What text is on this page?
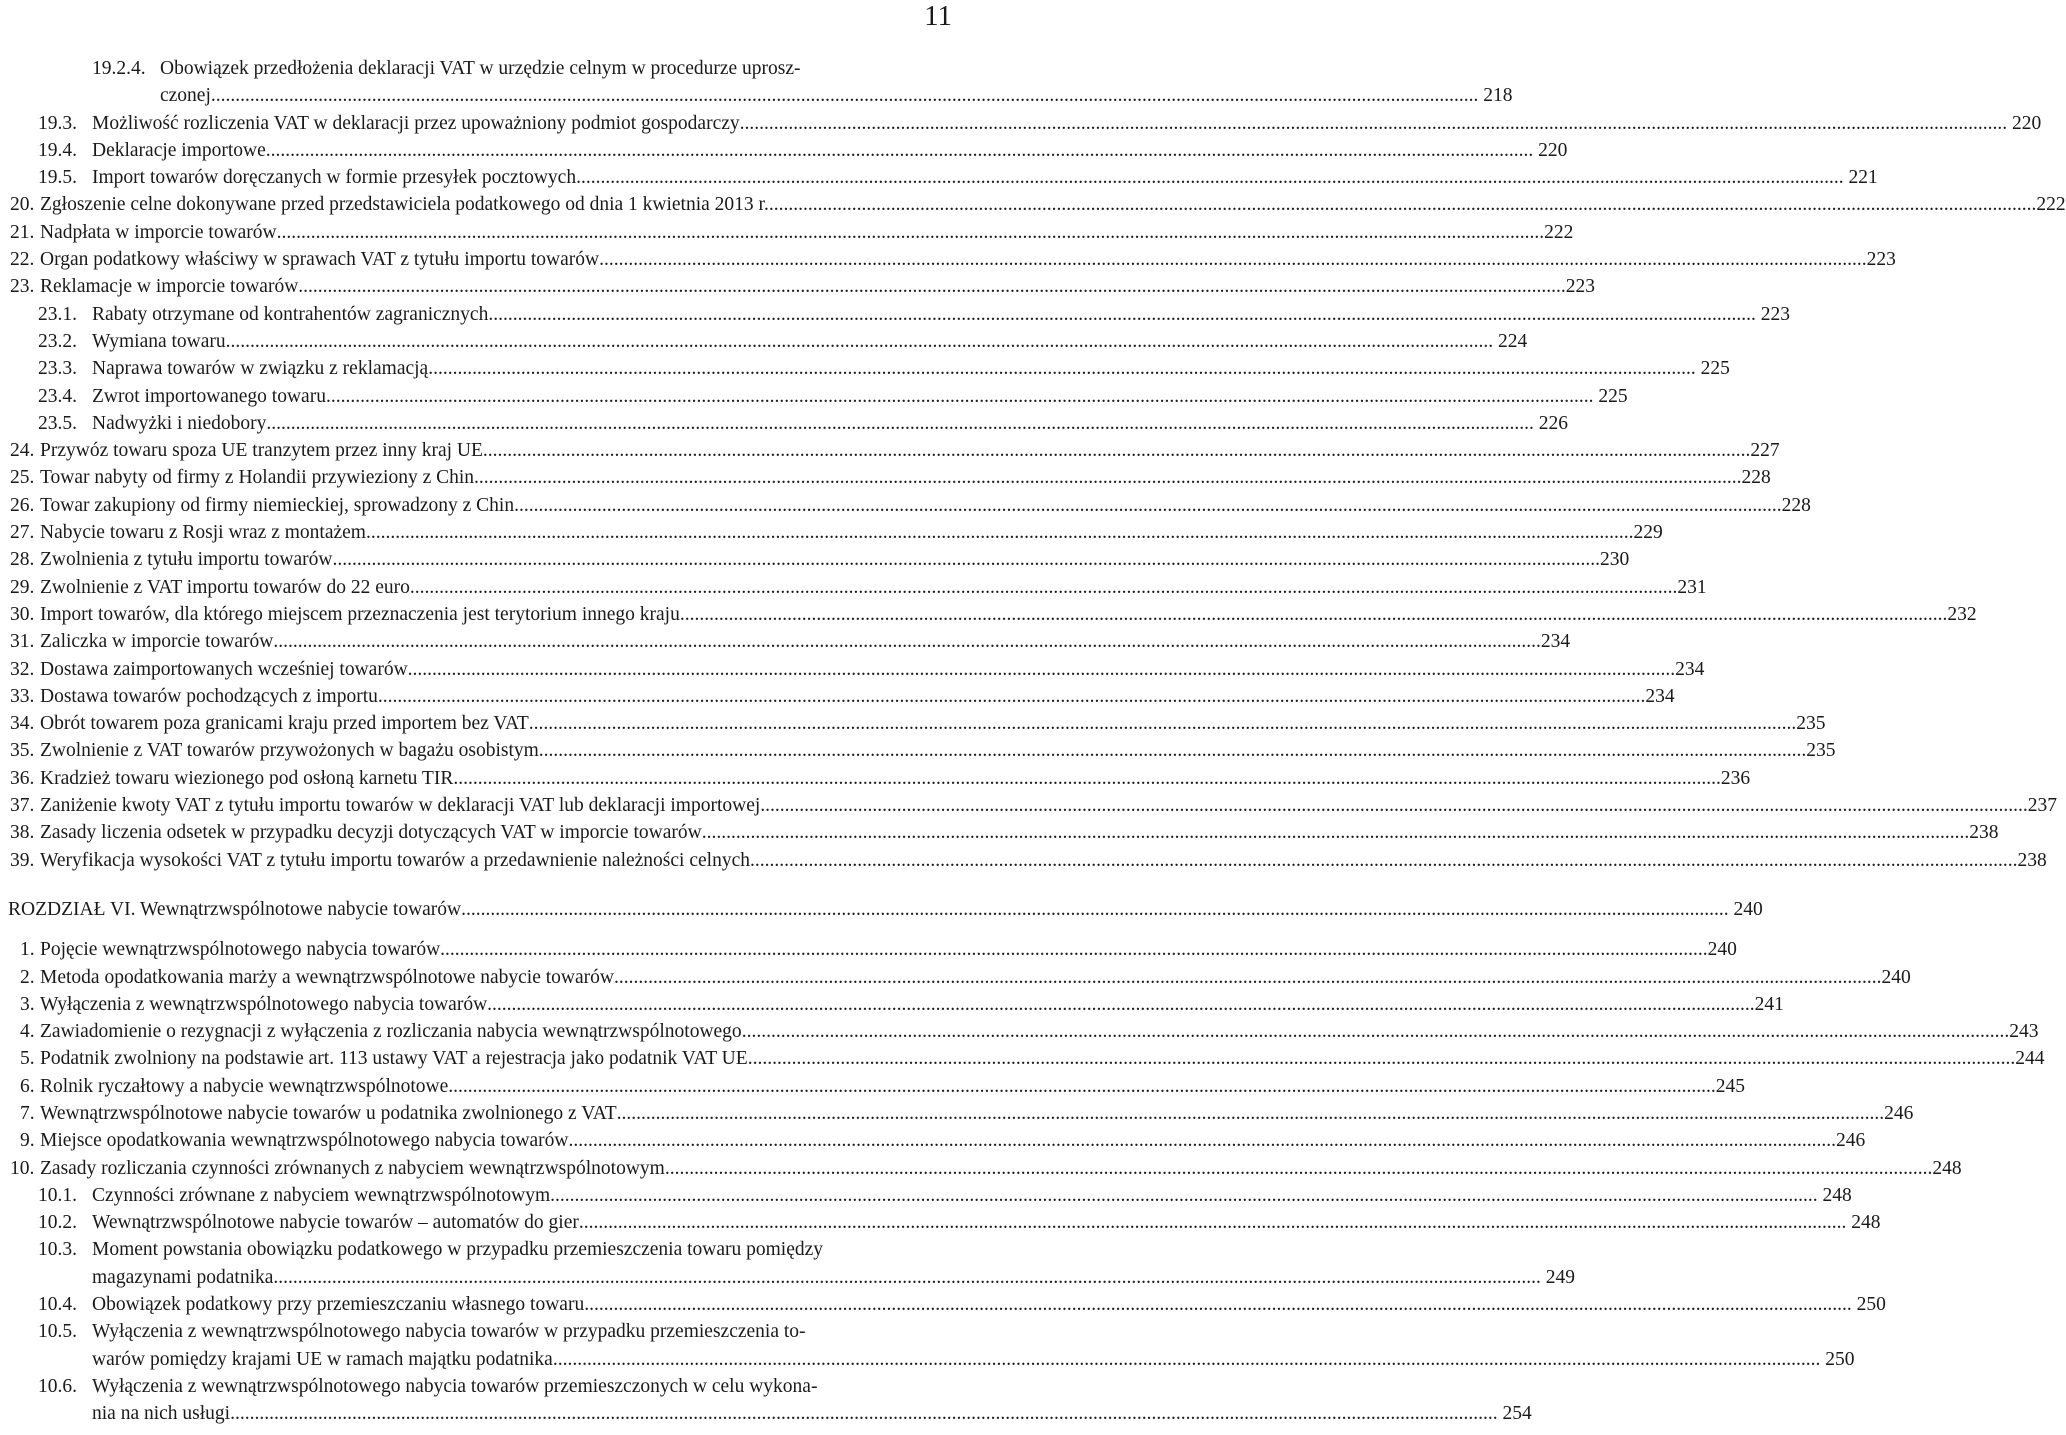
11
19.2.4. Obowiązek przedłożenia deklaracji VAT w urzędzie celnym w procedurze uprosz-
czonej .....	218
19.3. Możliwość rozliczenia VAT w deklaracji przez upoważniony podmiot gospodarczy .....	220
19.4. Deklaracje importowe .....	220
19.5. Import towarów doręczanych w formie przesyłek pocztowych .....	221
20. Zgłoszenie celne dokonywane przed przedstawiciela podatkowego od dnia 1 kwietnia 2013 r. .....	222
21. Nadpłata w imporcie towarów .....	222
22. Organ podatkowy właściwy w sprawach VAT z tytułu importu towarów .....	223
23. Reklamacje w imporcie towarów .....	223
23.1. Rabaty otrzymane od kontrahentów zagranicznych .....	223
23.2. Wymiana towaru .....	224
23.3. Naprawa towarów w związku z reklamacją .....	225
23.4. Zwrot importowanego towaru .....	225
23.5. Nadwyżki i niedobory .....	226
24. Przywóz towaru spoza UE tranzytem przez inny kraj UE .....	227
25. Towar nabyty od firmy z Holandii przywieziony z Chin .....	228
26. Towar zakupiony od firmy niemieckiej, sprowadzony z Chin .....	228
27. Nabycie towaru z Rosji wraz z montażem .....	229
28. Zwolnienia z tytułu importu towarów .....	230
29. Zwolnienie z VAT importu towarów do 22 euro .....	231
30. Import towarów, dla którego miejscem przeznaczenia jest terytorium innego kraju .....	232
31. Zaliczka w imporcie towarów .....	234
32. Dostawa zaimportowanych wcześniej towarów .....	234
33. Dostawa towarów pochodzących z importu .....	234
34. Obrót towarem poza granicami kraju przed importem bez VAT .....	235
35. Zwolnienie z VAT towarów przywożonych w bagażu osobistym .....	235
36. Kradzież towaru wiezionego pod osłoną karnetu TIR .....	236
37. Zaniżenie kwoty VAT z tytułu importu towarów w deklaracji VAT lub deklaracji importowej .....	237
38. Zasady liczenia odsetek w przypadku decyzji dotyczących VAT w imporcie towarów .....	238
39. Weryfikacja wysokości VAT z tytułu importu towarów a przedawnienie należności celnych .....	238
ROZDZIAŁ VI. Wewnątrzwspólnotowe nabycie towarów .....	240
1. Pojęcie wewnątrzwspólnotowego nabycia towarów .....	240
2. Metoda opodatkowania marży a wewnątrzwspólnotowe nabycie towarów .....	240
3. Wyłączenia z wewnątrzwspólnotowego nabycia towarów .....	241
4. Zawiadomienie o rezygnacji z wyłączenia z rozliczania nabycia wewnątrzwspólnotowego .....	243
5. Podatnik zwolniony na podstawie art. 113 ustawy VAT a rejestracja jako podatnik VAT UE .....	244
6. Rolnik ryczałtowy a nabycie wewnątrzwspólnotowe .....	245
7. Wewnątrzwspólnotowe nabycie towarów u podatnika zwolnionego z VAT .....	246
9. Miejsce opodatkowania wewnątrzwspólnotowego nabycia towarów .....	246
10. Zasady rozliczania czynności zrównanych z nabyciem wewnątrzwspólnotowym .....	248
10.1. Czynności zrównane z nabyciem wewnątrzwspólnotowym .....	248
10.2. Wewnątrzwspólnotowe nabycie towarów – automatów do gier .....	248
10.3. Moment powstania obowiązku podatkowego w przypadku przemieszczenia towaru pomiędzy
magazynami podatnika .....	249
10.4. Obowiązek podatkowy przy przemieszczaniu własnego towaru .....	250
10.5. Wyłączenia z wewnątrzwspólnotowego nabycia towarów w przypadku przemieszczenia to-
warów pomiędzy krajami UE w ramach majątku podatnika .....	250
10.6. Wyłączenia z wewnątrzwspólnotowego nabycia towarów przemieszczonych w celu wykona-
nia na nich usługi .....	254
